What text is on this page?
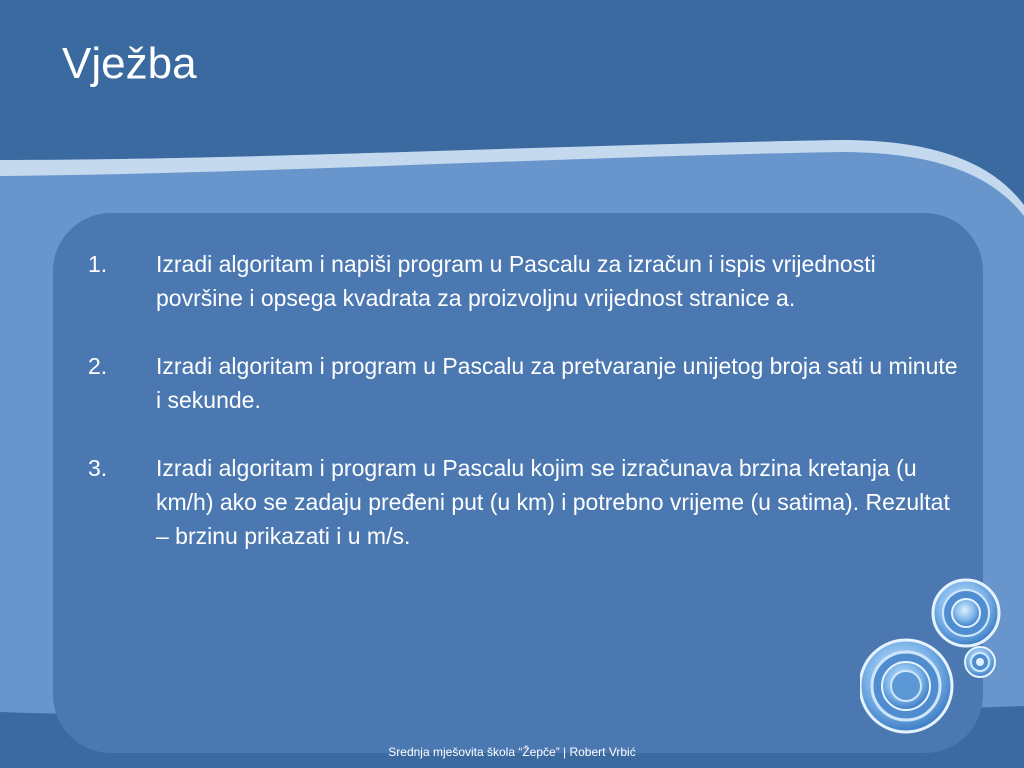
Vježba
1. Izradi algoritam i napiši program u Pascalu za izračun i ispis vrijednosti površine i opsega kvadrata za proizvoljnu vrijednost stranice a.
2. Izradi algoritam i program u Pascalu za pretvaranje unijetog broja sati u minute i sekunde.
3. Izradi algoritam i program u Pascalu kojim se izračunava brzina kretanja (u km/h) ako se zadaju pređeni put (u km) i potrebno vrijeme (u satima). Rezultat – brzinu prikazati i u m/s.
Srednja mješovita škola “Žepče” | Robert Vrbić
